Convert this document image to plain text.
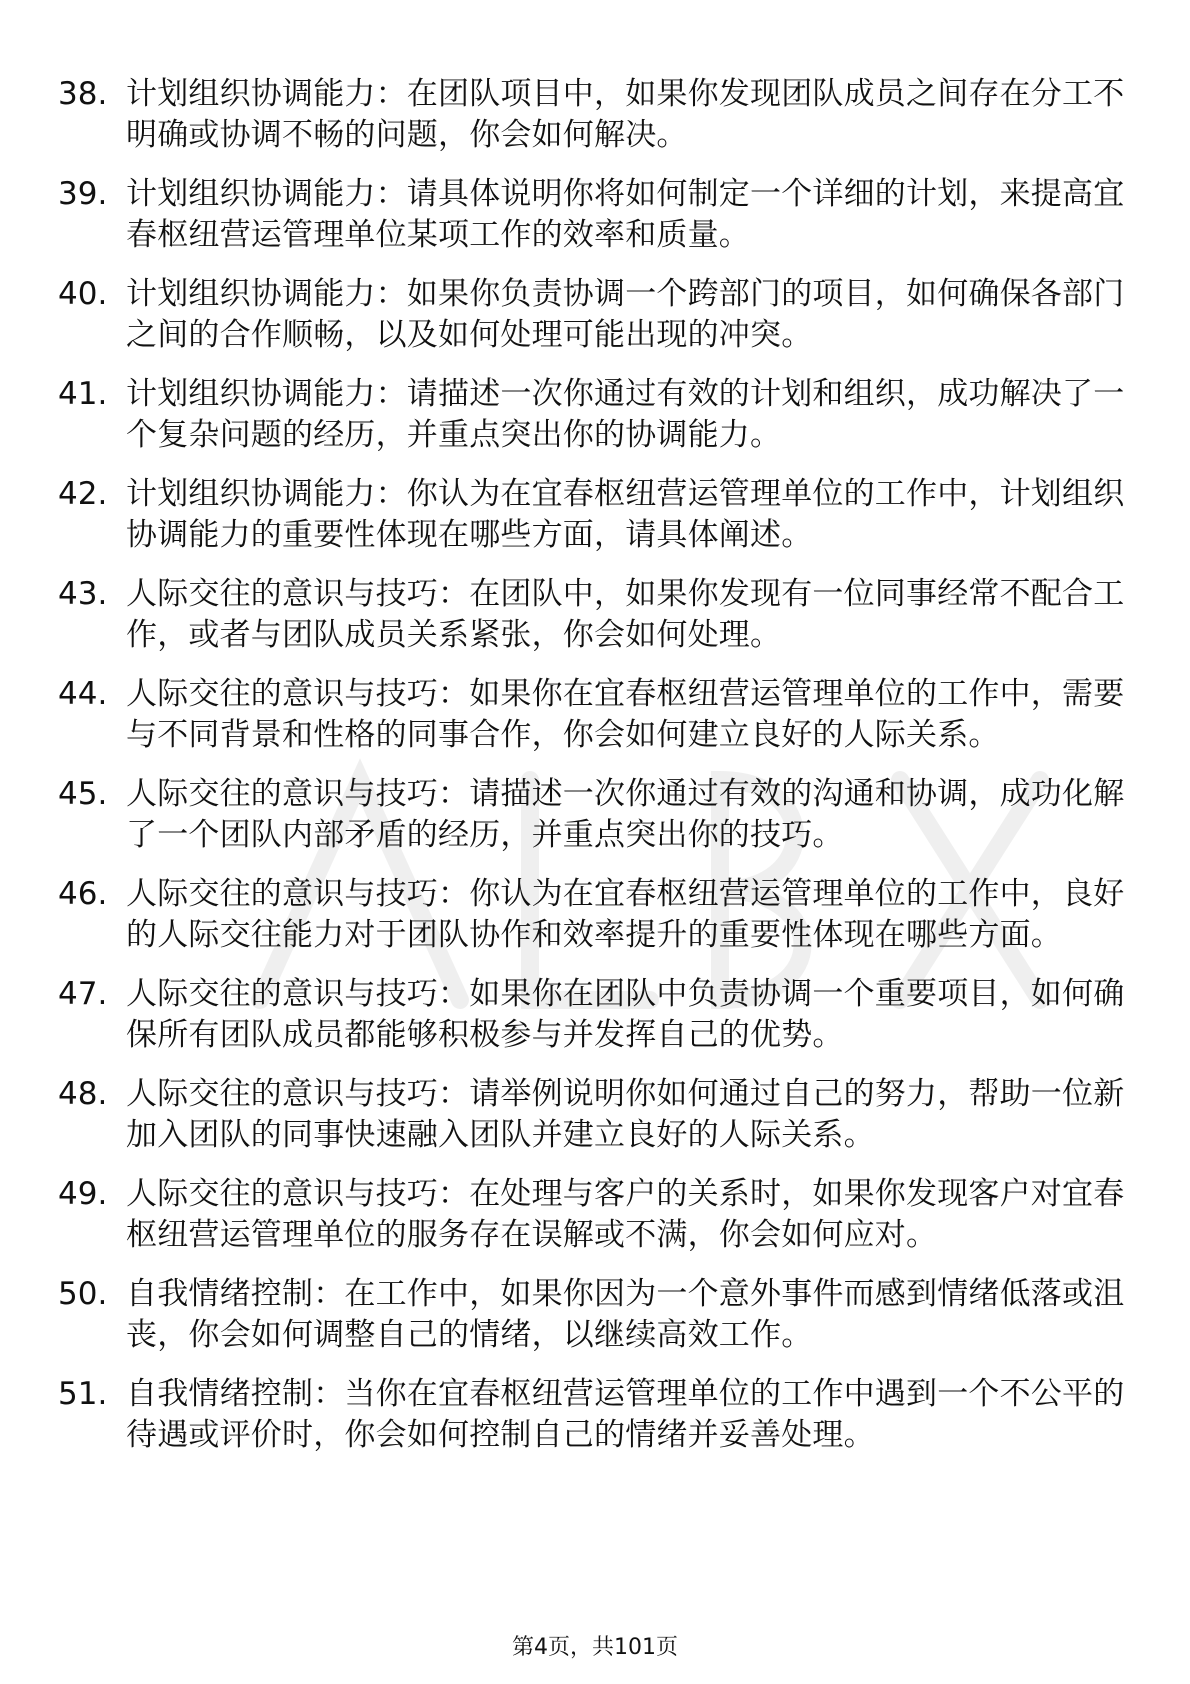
38. 计划组织协调能力：在团队项目中，如果你发现团队成员之间存在分工不明确或协调不畅的问题，你会如何解决。
39. 计划组织协调能力：请具体说明你将如何制定一个详细的计划，来提高宜春枢纽营运管理单位某项工作的效率和质量。
40. 计划组织协调能力：如果你负责协调一个跨部门的项目，如何确保各部门之间的合作顺畅，以及如何处理可能出现的冲突。
41. 计划组织协调能力：请描述一次你通过有效的计划和组织，成功解决了一个复杂问题的经历，并重点突出你的协调能力。
42. 计划组织协调能力：你认为在宜春枢纽营运管理单位的工作中，计划组织协调能力的重要性体现在哪些方面，请具体阐述。
43. 人际交往的意识与技巧：在团队中，如果你发现有一位同事经常不配合工作，或者与团队成员关系紧张，你会如何处理。
44. 人际交往的意识与技巧：如果你在宜春枢纽营运管理单位的工作中，需要与不同背景和性格的同事合作，你会如何建立良好的人际关系。
45. 人际交往的意识与技巧：请描述一次你通过有效的沟通和协调，成功化解了一个团队内部矛盾的经历，并重点突出你的技巧。
46. 人际交往的意识与技巧：你认为在宜春枢纽营运管理单位的工作中，良好的人际交往能力对于团队协作和效率提升的重要性体现在哪些方面。
47. 人际交往的意识与技巧：如果你在团队中负责协调一个重要项目，如何确保所有团队成员都能够积极参与并发挥自己的优势。
48. 人际交往的意识与技巧：请举例说明你如何通过自己的努力，帮助一位新加入团队的同事快速融入团队并建立良好的人际关系。
49. 人际交往的意识与技巧：在处理与客户的关系时，如果你发现客户对宜春枢纽营运管理单位的服务存在误解或不满，你会如何应对。
50. 自我情绪控制：在工作中，如果你因为一个意外事件而感到情绪低落或沮丧，你会如何调整自己的情绪，以继续高效工作。
51. 自我情绪控制：当你在宜春枢纽营运管理单位的工作中遇到一个不公平的待遇或评价时，你会如何控制自己的情绪并妥善处理。
第4页，共101页
